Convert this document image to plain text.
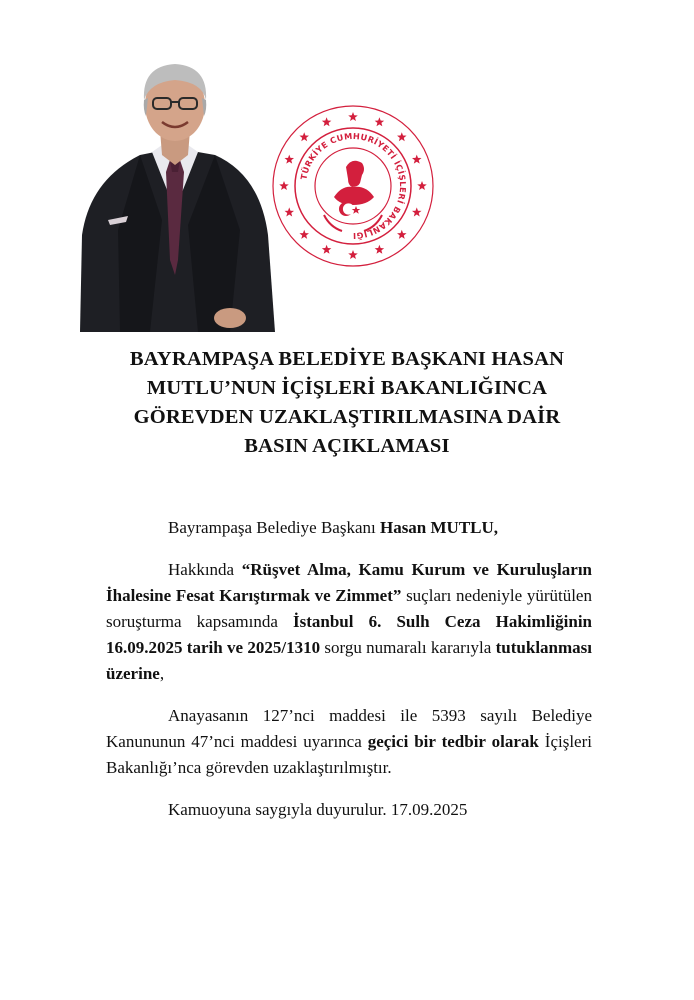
TÜRKİYE CUMHURİYETİ İÇİŞLERİ BAKANLIĞI
BAYRAMPAŞA BELEDİYE BAŞKANI HASAN
MUTLU’NUN İÇİŞLERİ BAKANLIĞINCA
GÖREVDEN UZAKLAŞTIRILMASINA DAİR
BASIN AÇIKLAMASI

Bayrampaşa Belediye Başkanı Hasan MUTLU,

Hakkında “Rüşvet Alma, Kamu Kurum ve Kuruluşların İhalesine Fesat Karıştırmak ve Zimmet” suçları nedeniyle yürütülen soruşturma kapsamında İstanbul 6. Sulh Ceza Hakimliğinin 16.09.2025 tarih ve 2025/1310 sorgu numaralı kararıyla tutuklanması üzerine,

Anayasanın 127’nci maddesi ile 5393 sayılı Belediye Kanununun 47’nci maddesi uyarınca geçici bir tedbir olarak İçişleri Bakanlığı’nca görevden uzaklaştırılmıştır.

Kamuoyuna saygıyla duyurulur. 17.09.2025
